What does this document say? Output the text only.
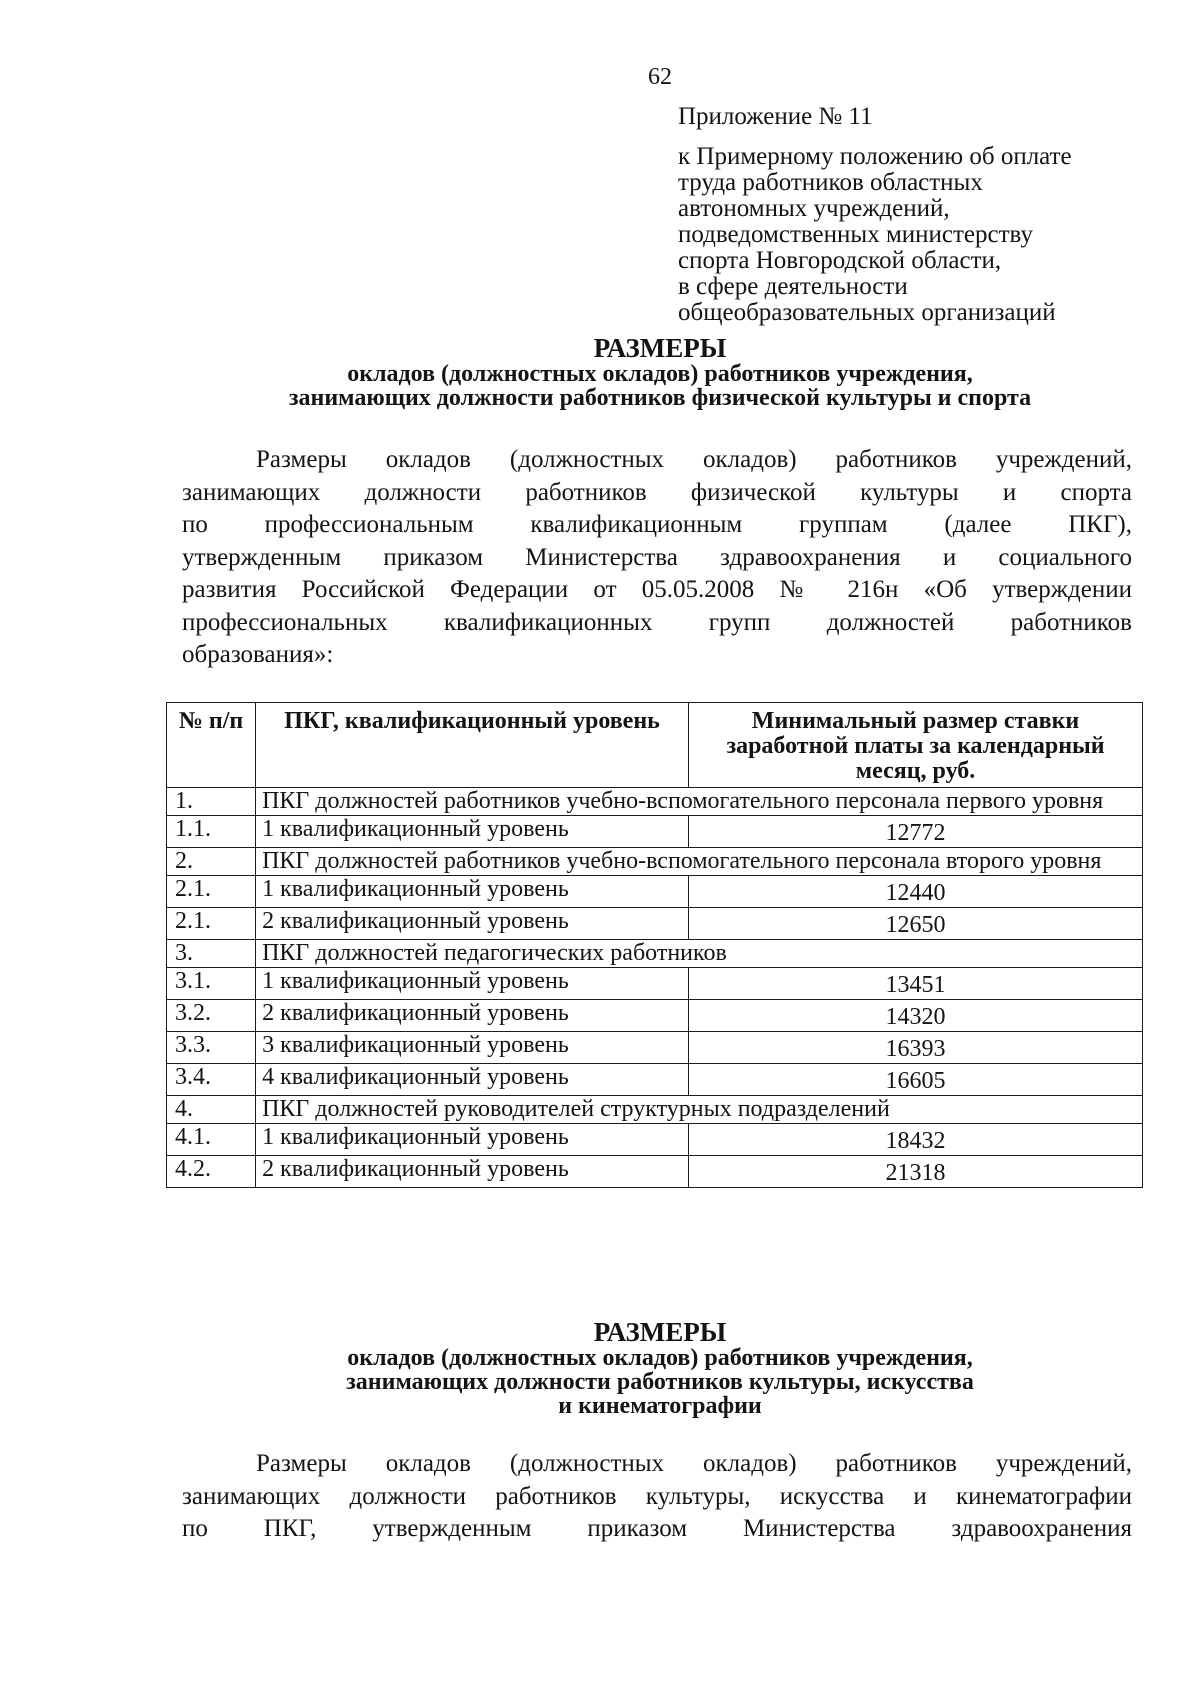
62
Приложение № 11
к Примерному положению об оплате
труда работников областных
автономных учреждений,
подведомственных министерству
спорта Новгородской области,
в сфере деятельности
общеобразовательных организаций
РАЗМЕРЫ
окладов (должностных окладов) работников учреждения,
занимающих должности работников физической культуры и спорта
Размеры окладов (должностных окладов) работников учреждений,
занимающих должности работников физической культуры и спорта
по профессиональным квалификационным группам (далее ПКГ),
утвержденным приказом Министерства здравоохранения и социального
развития Российской Федерации от 05.05.2008 № 216н «Об утверждении
профессиональных квалификационных групп должностей работников
образования»:
№ п/п	ПКГ, квалификационный уровень	Минимальный размер ставки заработной платы за календарный месяц, руб.
1.	ПКГ должностей работников учебно-вспомогательного персонала первого уровня	
1.1.	1 квалификационный уровень	12772
2.	ПКГ должностей работников учебно-вспомогательного персонала второго уровня	
2.1.	1 квалификационный уровень	12440
2.1.	2 квалификационный уровень	12650
3.	ПКГ должностей педагогических работников	
3.1.	1 квалификационный уровень	13451
3.2.	2 квалификационный уровень	14320
3.3.	3 квалификационный уровень	16393
3.4.	4 квалификационный уровень	16605
4.	ПКГ должностей руководителей структурных подразделений	
4.1.	1 квалификационный уровень	18432
4.2.	2 квалификационный уровень	21318
РАЗМЕРЫ
окладов (должностных окладов) работников учреждения,
занимающих должности работников культуры, искусства
и кинематографии
Размеры окладов (должностных окладов) работников учреждений,
занимающих должности работников культуры, искусства и кинематографии
по ПКГ, утвержденным приказом Министерства здравоохранения
